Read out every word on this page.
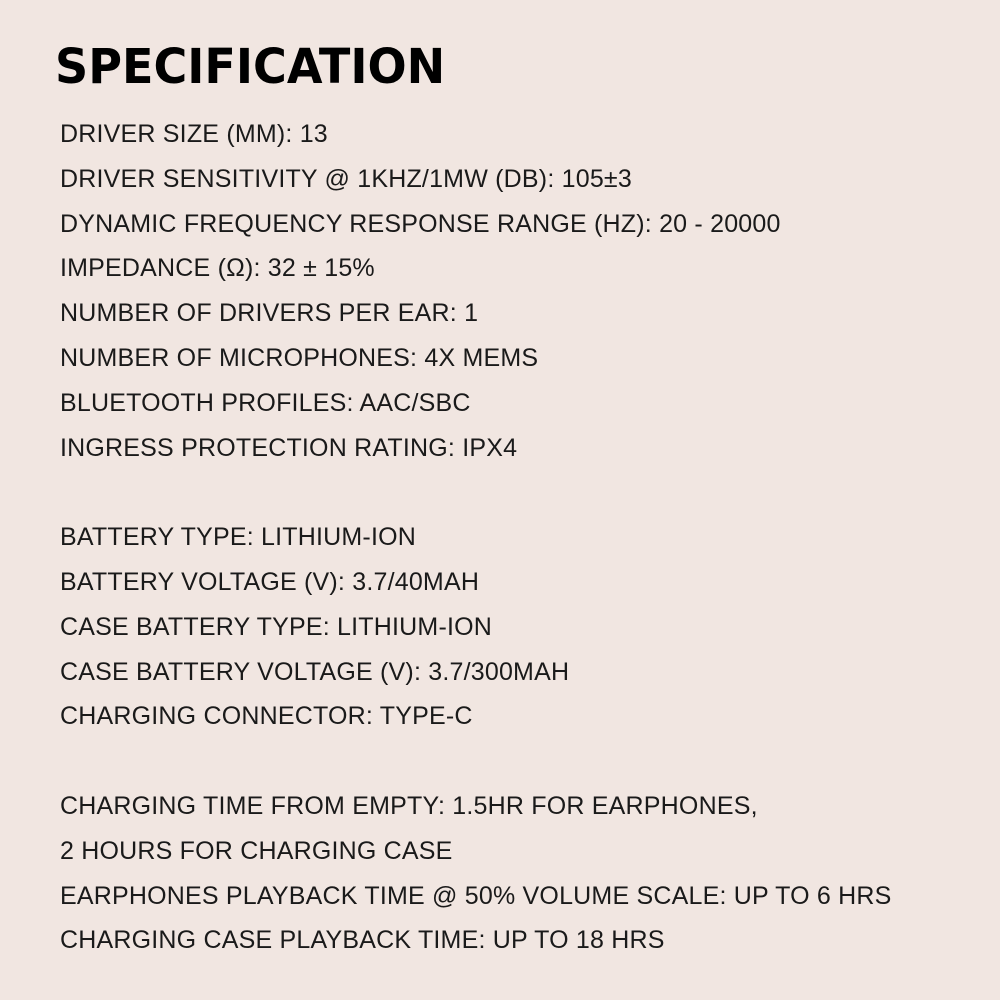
SPECIFICATION
DRIVER SIZE (MM): 13
DRIVER SENSITIVITY @ 1KHZ/1MW (DB): 105±3
DYNAMIC FREQUENCY RESPONSE RANGE (HZ): 20 - 20000
IMPEDANCE (Ω): 32 ± 15%
NUMBER OF DRIVERS PER EAR: 1
NUMBER OF MICROPHONES: 4X MEMS
BLUETOOTH PROFILES: AAC/SBC
INGRESS PROTECTION RATING: IPX4
BATTERY TYPE: LITHIUM-ION
BATTERY VOLTAGE (V): 3.7/40MAH
CASE BATTERY TYPE: LITHIUM-ION
CASE BATTERY VOLTAGE (V): 3.7/300MAH
CHARGING CONNECTOR: TYPE-C
CHARGING TIME FROM EMPTY: 1.5HR FOR EARPHONES,
2 HOURS FOR CHARGING CASE
EARPHONES PLAYBACK TIME @ 50% VOLUME SCALE: UP TO 6 HRS
CHARGING CASE PLAYBACK TIME: UP TO 18 HRS
